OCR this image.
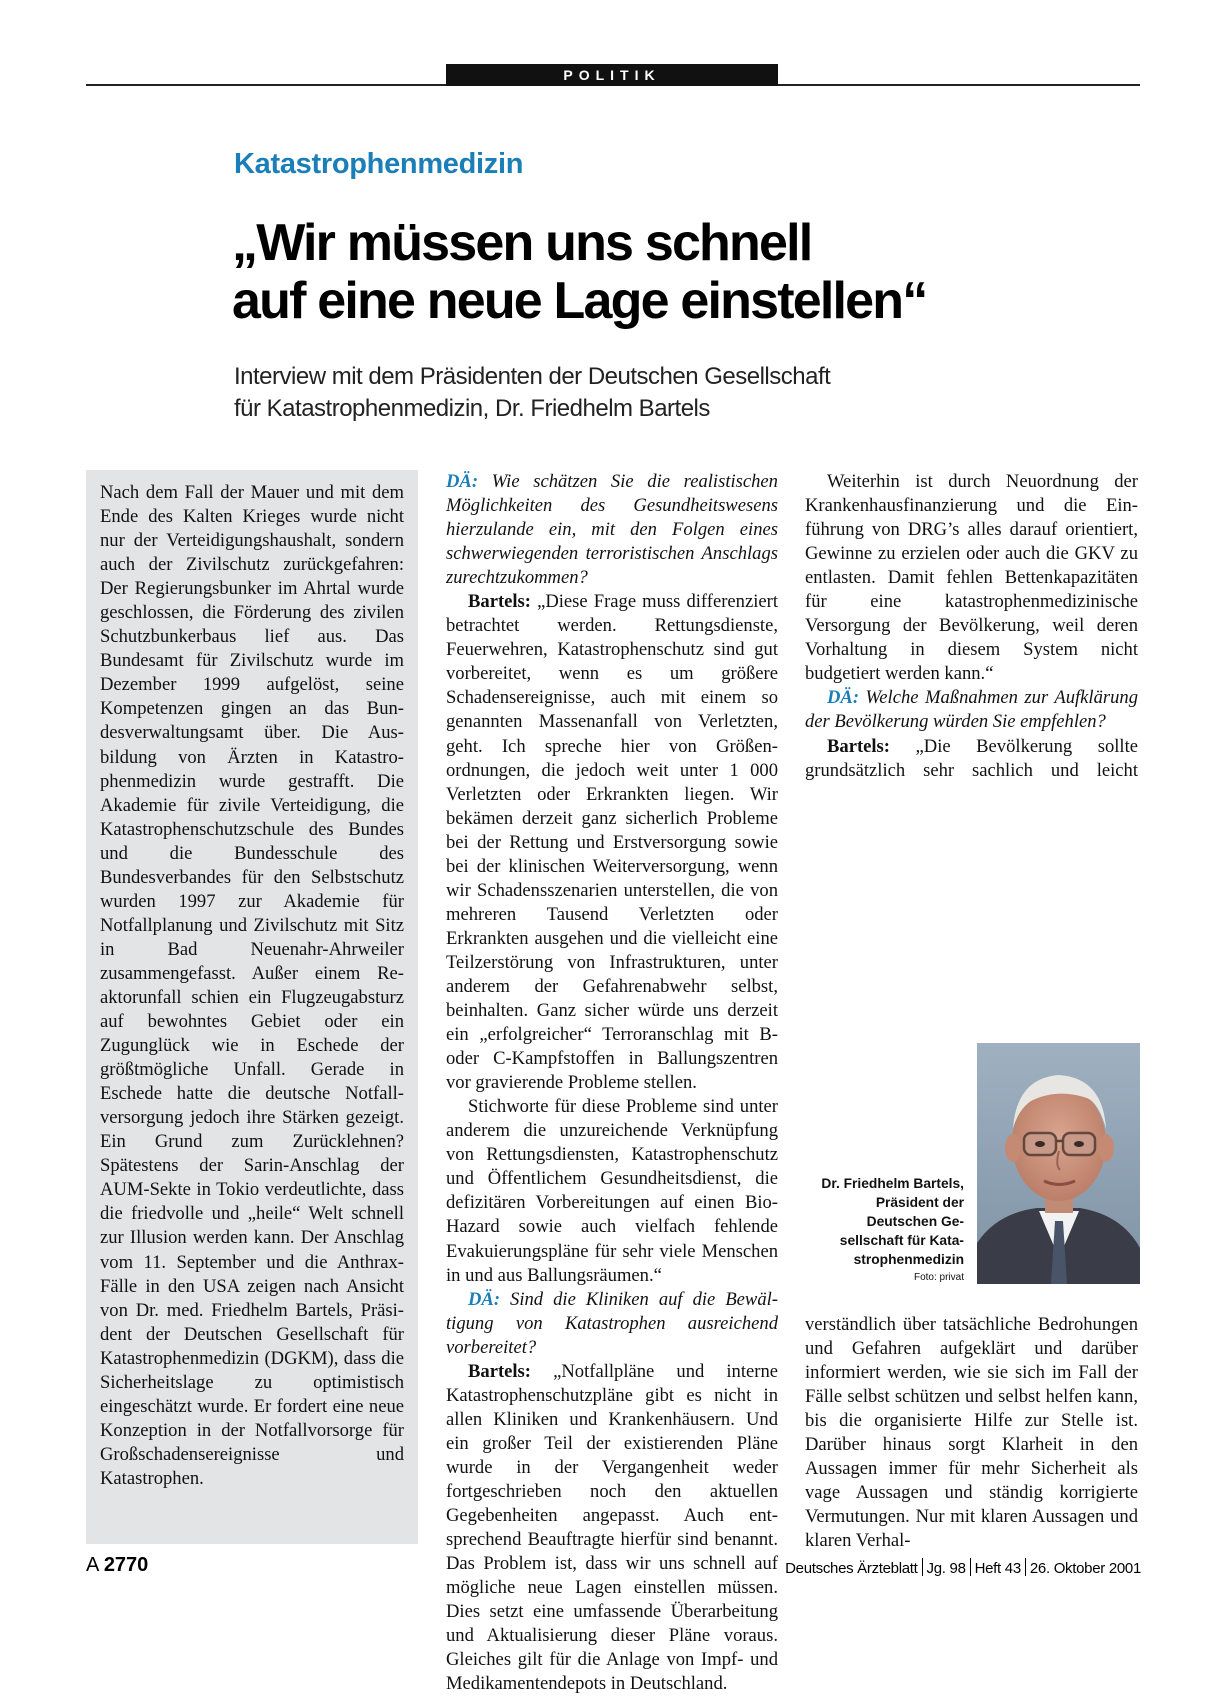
POLITIK
Katastrophenmedizin
„Wir müssen uns schnell
auf eine neue Lage einstellen“
Interview mit dem Präsidenten der Deutschen Gesellschaft
für Katastrophenmedizin, Dr. Friedhelm Bartels

Nach dem Fall der Mauer und mit dem Ende des Kalten Krieges wurde nicht nur der Verteidigungshaushalt, sondern auch der Zivilschutz zurückgefahren: Der Regierungsbunker im Ahrtal wurde geschlossen, die Förderung des zivilen Schutzbunkerbaus lief aus. Das Bundesamt für Zivilschutz wurde im Dezember 1999 aufgelöst, seine Kompetenzen gingen an das Bundesverwaltungsamt über. Die Ausbildung von Ärzten in Katastrophenmedizin wurde gestrafft. Die Akademie für zivile Verteidigung, die Katastrophenschutzschule des Bundes und die Bundesschule des Bundesverbandes für den Selbstschutz wurden 1997 zur Akademie für Notfallplanung und Zivilschutz mit Sitz in Bad Neuenahr-Ahrweiler zusammengefasst. Außer einem Reaktorunfall schien ein Flugzeugabsturz auf bewohntes Gebiet oder ein Zugunglück wie in Eschede der größtmögliche Unfall. Gerade in Eschede hatte die deutsche Notfallversorgung jedoch ihre Stärken gezeigt. Ein Grund zum Zurücklehnen? Spätestens der Sarin-Anschlag der AUM-Sekte in Tokio verdeutlichte, dass die friedvolle und „heile“ Welt schnell zur Illusion werden kann. Der Anschlag vom 11. September und die Anthrax-Fälle in den USA zeigen nach Ansicht von Dr. med. Friedhelm Bartels, Präsident der Deutschen Gesellschaft für Katastrophenmedizin (DGKM), dass die Sicherheitslage zu optimistisch eingeschätzt wurde. Er fordert eine neue Konzeption in der Notfallvorsorge für Großschadensereignisse und Katastrophen.

DÄ: Wie schätzen Sie die realistischen Möglichkeiten des Gesundheitswesens hierzulande ein, mit den Folgen eines schwerwiegenden terroristischen Anschlags zurechtzukommen?

Bartels: „Diese Frage muss differenziert betrachtet werden. Rettungsdienste, Feuerwehren, Katastrophenschutz sind gut vorbereitet, wenn es um größere Schadensereignisse, auch mit einem so genannten Massenanfall von Verletzten, geht. Ich spreche hier von Größenordnungen, die jedoch weit unter 1 000 Verletzten oder Erkrankten liegen. Wir bekämen derzeit ganz sicherlich Probleme bei der Rettung und Erstversorgung sowie bei der klinischen Weiterversorgung, wenn wir Schadensszenarien unterstellen, die von mehreren Tausend Verletzten oder Erkrankten ausgehen und die vielleicht eine Teilzerstörung von Infrastrukturen, unter anderem der Gefahrenabwehr selbst, beinhalten. Ganz sicher würde uns derzeit ein „erfolgreicher“ Terroranschlag mit B- oder C-Kampfstoffen in Ballungszentren vor gravierende Probleme stellen.

Stichworte für diese Probleme sind unter anderem die unzureichende Verknüpfung von Rettungsdiensten, Katastrophenschutz und Öffentlichem Gesundheitsdienst, die defizitären Vorbereitungen auf einen Bio-Hazard sowie auch vielfach fehlende Evakuierungspläne für sehr viele Menschen in und aus Ballungsräumen.“

DÄ: Sind die Kliniken auf die Bewältigung von Katastrophen ausreichend vorbereitet?

Bartels: „Notfallpläne und interne Katastrophenschutzpläne gibt es nicht in allen Kliniken und Krankenhäusern. Und ein großer Teil der existierenden Pläne wurde in der Vergangenheit weder fortgeschrieben noch den aktuellen Gegebenheiten angepasst. Auch entsprechend Beauftragte hierfür sind benannt. Das Problem ist, dass wir uns schnell auf mögliche neue Lagen einstellen müssen. Dies setzt eine umfassende Überarbeitung und Aktualisierung dieser Pläne voraus. Gleiches gilt für die Anlage von Impf- und Medikamentendepots in Deutschland.

Weiterhin ist durch Neuordnung der Krankenhausfinanzierung und die Einführung von DRG’s alles darauf orientiert, Gewinne zu erzielen oder auch die GKV zu entlasten. Damit fehlen Bettenkapazitäten für eine katastrophenmedizinische Versorgung der Bevölkerung, weil deren Vorhaltung in diesem System nicht budgetiert werden kann.“

DÄ: Welche Maßnahmen zur Aufklärung der Bevölkerung würden Sie empfehlen?

Bartels: „Die Bevölkerung sollte grundsätzlich sehr sachlich und leicht

Dr. Friedhelm Bartels, Präsident der Deutschen Gesellschaft für Katastrophenmedizin
Foto: privat

verständlich über tatsächliche Bedrohungen und Gefahren aufgeklärt und darüber informiert werden, wie sie sich im Fall der Fälle selbst schützen und selbst helfen kann, bis die organisierte Hilfe zur Stelle ist. Darüber hinaus sorgt Klarheit in den Aussagen immer für mehr Sicherheit als vage Aussagen und ständig korrigierte Vermutungen. Nur mit klaren Aussagen und klaren Verhal-

A 2770	Deutsches Ärzteblatt Jg. 98 Heft 43 26. Oktober 2001
